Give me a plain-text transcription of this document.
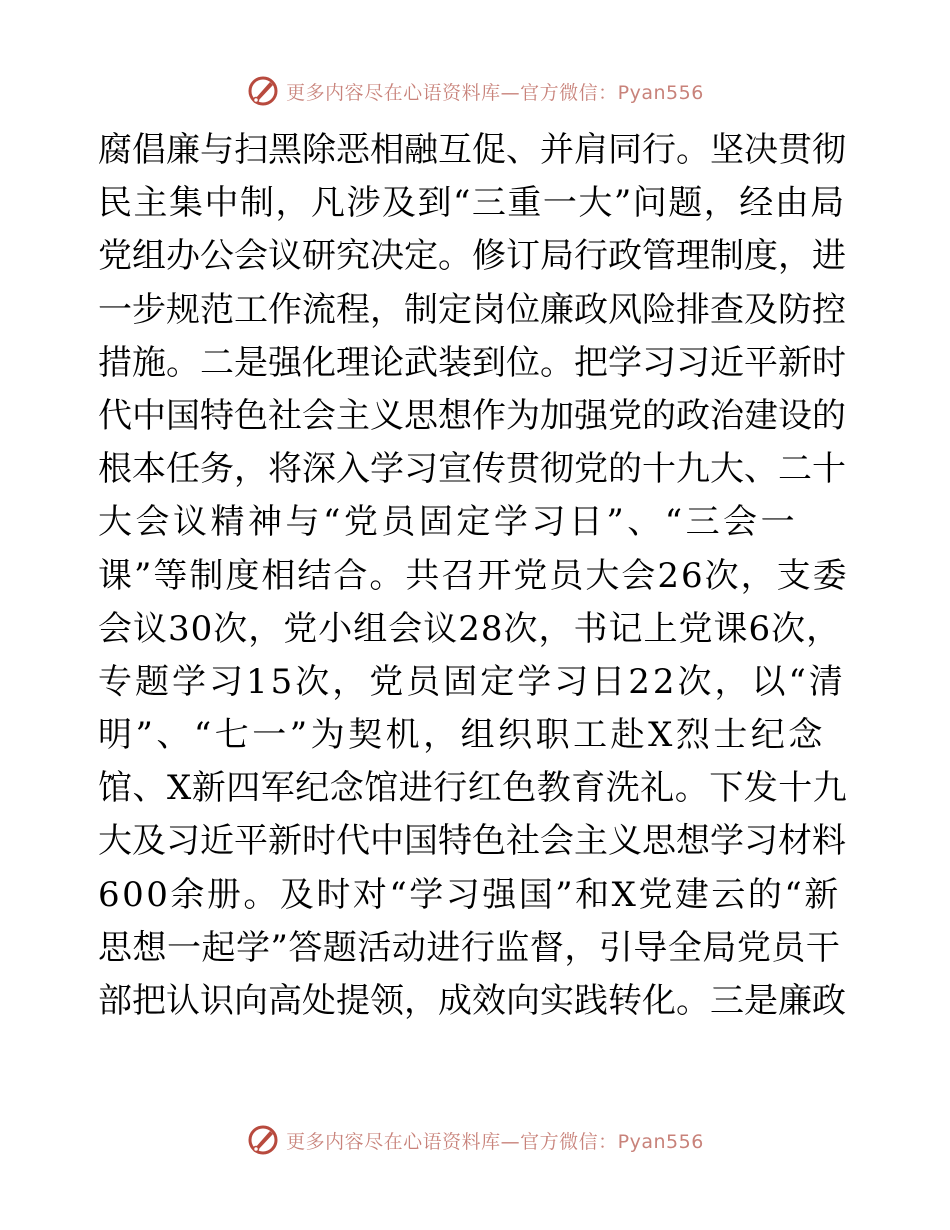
更多内容尽在心语资料库—官方微信：Pyan556
腐倡廉与扫黑除恶相融互促、并肩同行。坚决贯彻
民主集中制，凡涉及到“三重一大”问题，经由局
党组办公会议研究决定。修订局行政管理制度，进
一步规范工作流程，制定岗位廉政风险排查及防控
措施。二是强化理论武装到位。把学习习近平新时
代中国特色社会主义思想作为加强党的政治建设的
根本任务，将深入学习宣传贯彻党的十九大、二十
大会议精神与“党员固定学习日”、“三会一
课”等制度相结合。共召开党员大会26次，支委
会议30次，党小组会议28次，书记上党课6次，
专题学习15次，党员固定学习日22次，以“清
明”、“七一”为契机，组织职工赴X烈士纪念
馆、X新四军纪念馆进行红色教育洗礼。下发十九
大及习近平新时代中国特色社会主义思想学习材料
600余册。及时对“学习强国”和X党建云的“新
思想一起学”答题活动进行监督，引导全局党员干
部把认识向高处提领，成效向实践转化。三是廉政
更多内容尽在心语资料库—官方微信：Pyan556
